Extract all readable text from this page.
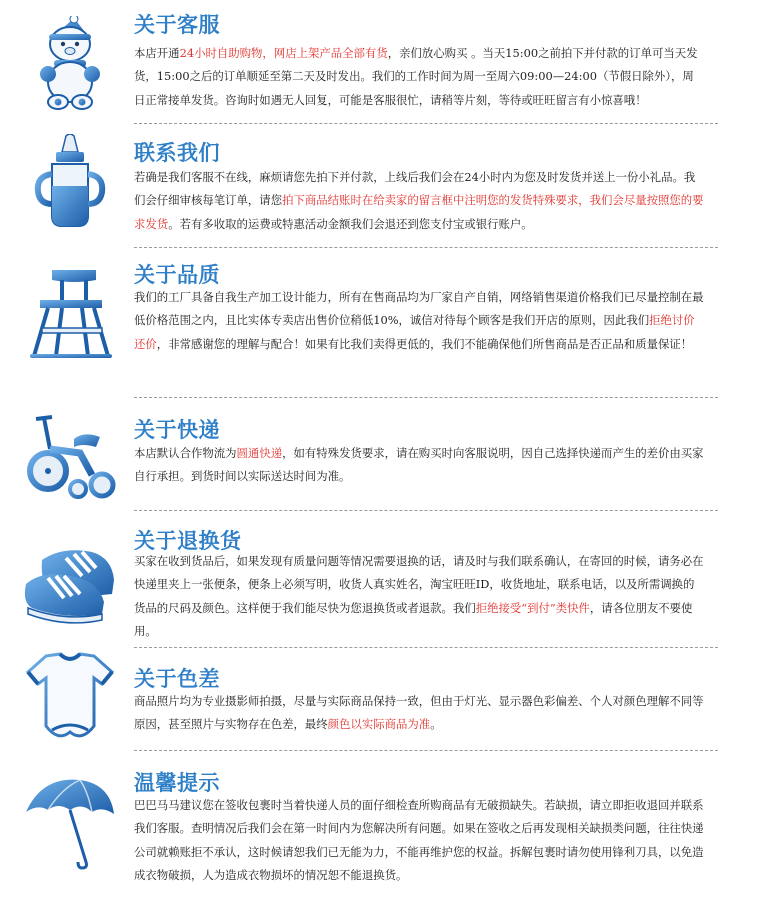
关于客服
本店开通24小时自助购物，网店上架产品全部有货，亲们放心购买 。当天15:00之前拍下并付款的订单可当天发货，15:00之后的订单顺延至第二天及时发出。我们的工作时间为周一至周六09:00—24:00（节假日除外），周日正常接单发货。咨询时如遇无人回复，可能是客服很忙，请稍等片刻，等待或旺旺留言有小惊喜哦！
联系我们
若确是我们客服不在线，麻烦请您先拍下并付款，上线后我们会在24小时内为您及时发货并送上一份小礼品。我们会仔细审核每笔订单，请您拍下商品结账时在给卖家的留言框中注明您的发货特殊要求，我们会尽量按照您的要求发货。若有多收取的运费或特惠活动金额我们会退还到您支付宝或银行账户。
关于品质
我们的工厂具备自我生产加工设计能力，所有在售商品均为厂家自产自销，网络销售渠道价格我们已尽量控制在最低价格范围之内，且比实体专卖店出售价位稍低10%，诚信对待每个顾客是我们开店的原则，因此我们拒绝讨价还价，非常感谢您的理解与配合！如果有比我们卖得更低的，我们不能确保他们所售商品是否正品和质量保证！
关于快递
本店默认合作物流为圆通快递，如有特殊发货要求，请在购买时向客服说明，因自己选择快递而产生的差价由买家自行承担。到货时间以实际送达时间为准。
关于退换货
买家在收到货品后，如果发现有质量问题等情况需要退换的话，请及时与我们联系确认，在寄回的时候，请务必在快递里夹上一张便条，便条上必须写明，收货人真实姓名，淘宝旺旺ID，收货地址，联系电话，以及所需调换的货品的尺码及颜色。这样便于我们能尽快为您退换货或者退款。我们拒绝接受“到付”类快件，请各位朋友不要使用。
关于色差
商品照片均为专业摄影师拍摄，尽量与实际商品保持一致，但由于灯光、显示器色彩偏差、个人对颜色理解不同等原因，甚至照片与实物存在色差，最终颜色以实际商品为准。
温馨提示
巴巴马马建议您在签收包裹时当着快递人员的面仔细检查所购商品有无破损缺失。若缺损，请立即拒收退回并联系我们客服。查明情况后我们会在第一时间内为您解决所有问题。如果在签收之后再发现相关缺损类问题，往往快递公司就赖账拒不承认，这时候请恕我们已无能为力，不能再维护您的权益。拆解包裹时请勿使用锋利刀具，以免造成衣物破损，人为造成衣物损坏的情况恕不能退换货。
